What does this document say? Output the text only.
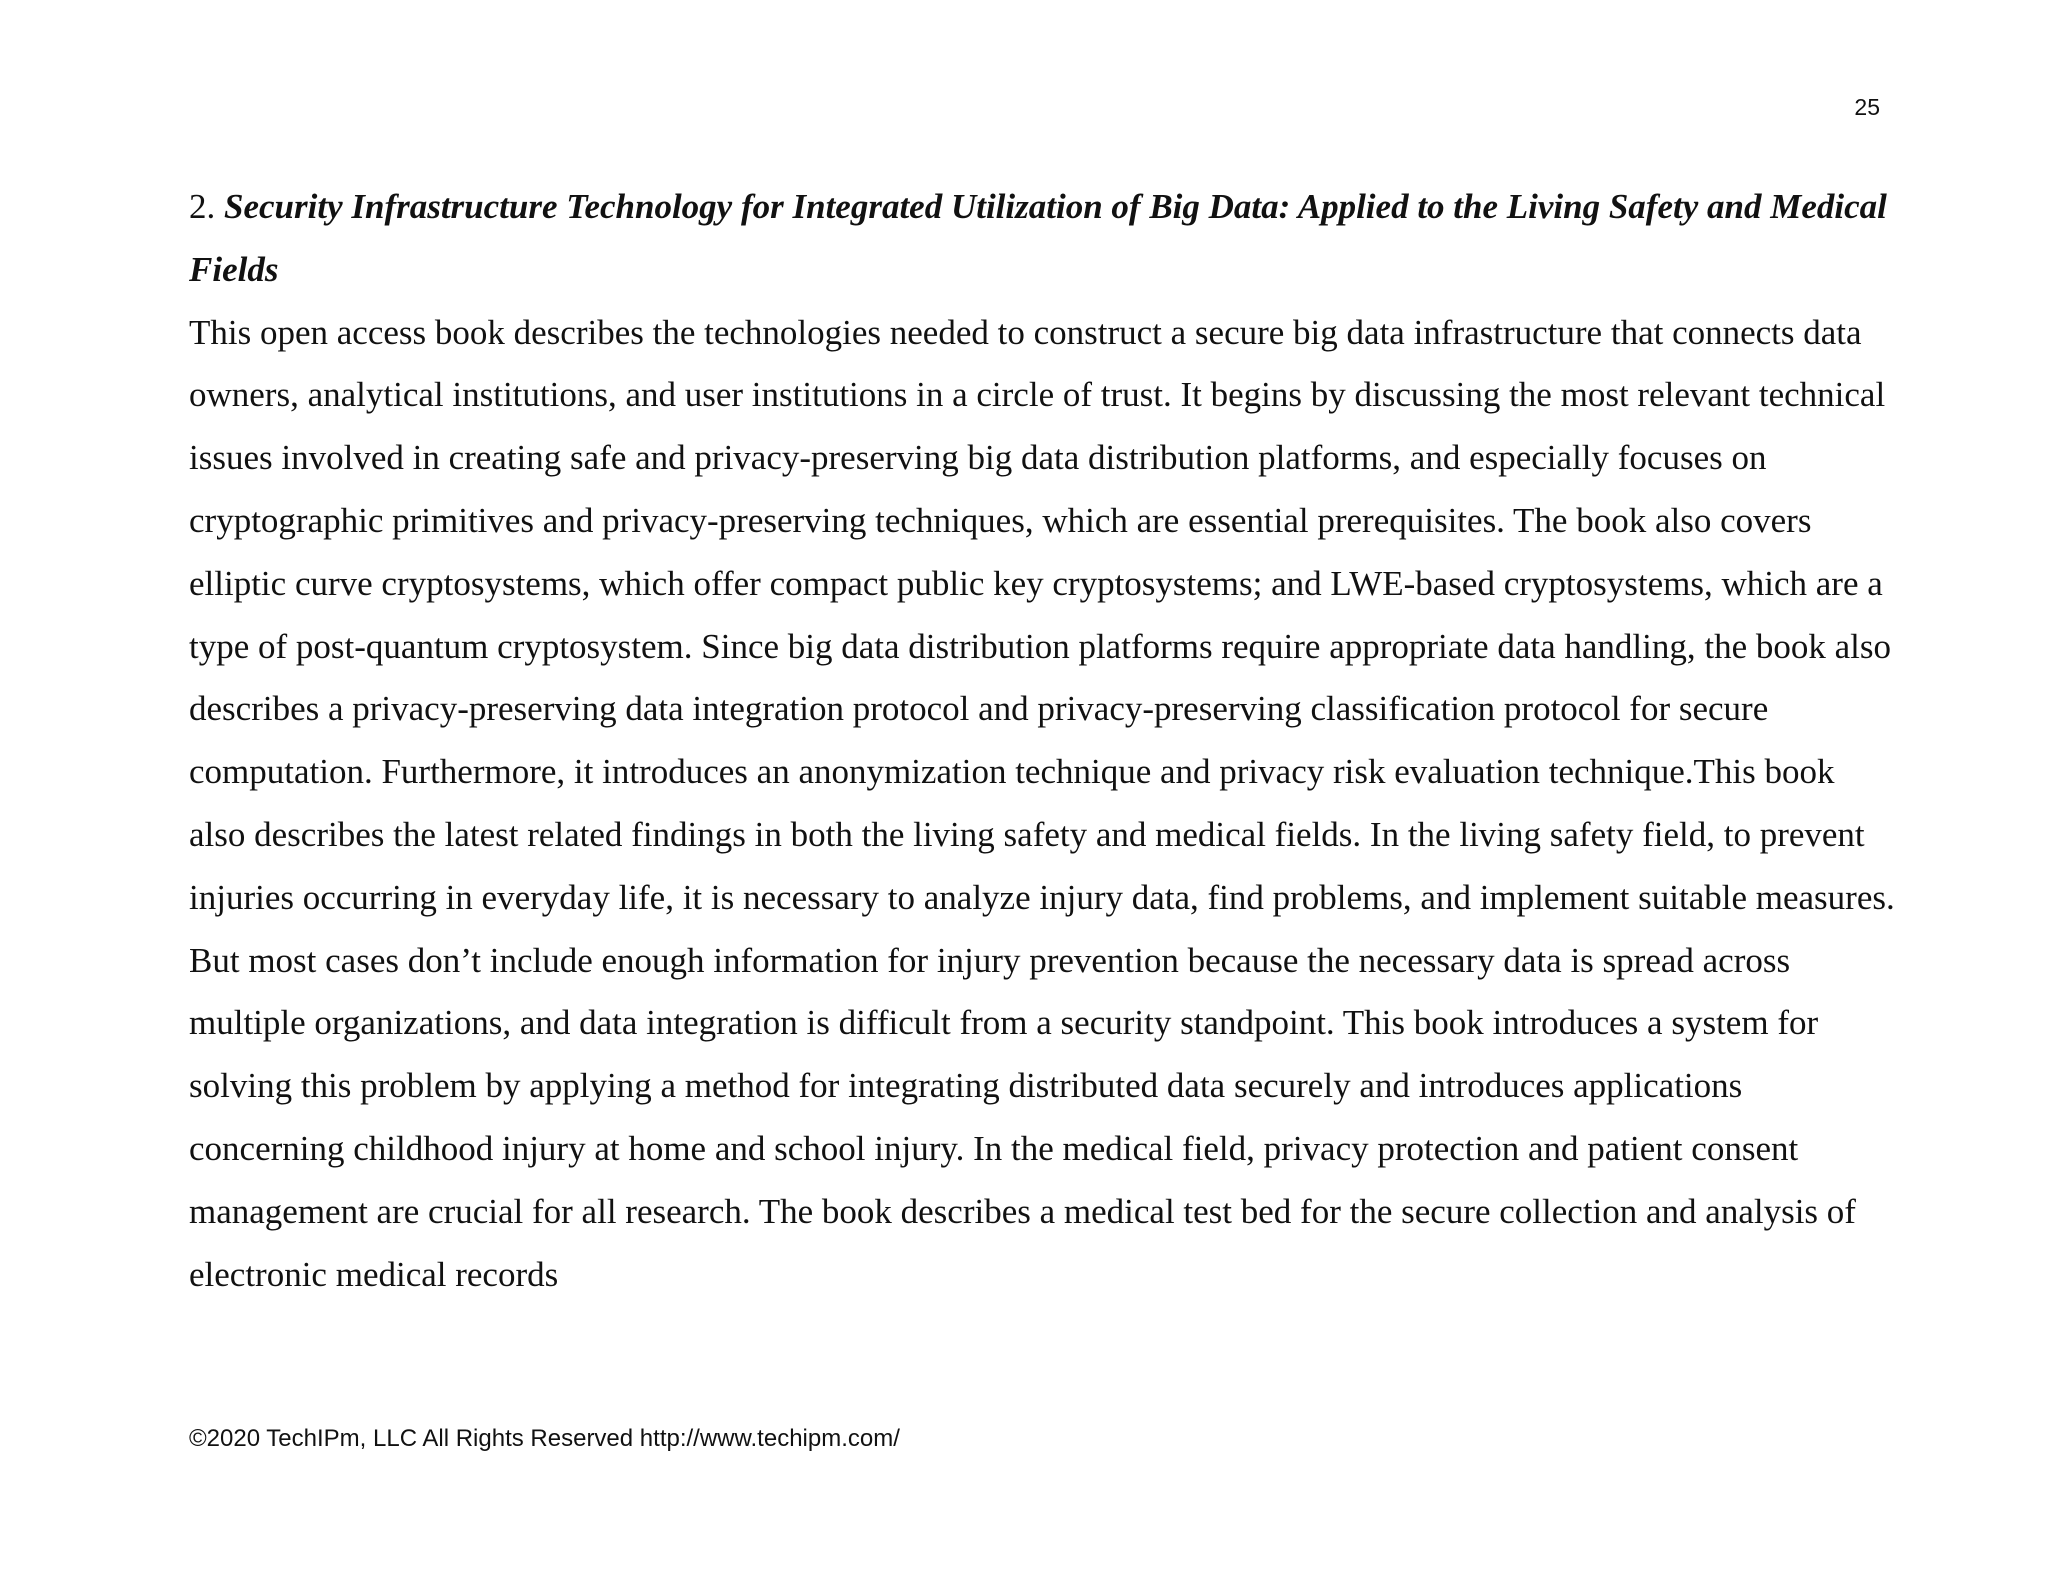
25

2. Security Infrastructure Technology for Integrated Utilization of Big Data: Applied to the Living Safety and Medical Fields

This open access book describes the technologies needed to construct a secure big data infrastructure that connects data owners, analytical institutions, and user institutions in a circle of trust. It begins by discussing the most relevant technical issues involved in creating safe and privacy-preserving big data distribution platforms, and especially focuses on cryptographic primitives and privacy-preserving techniques, which are essential prerequisites. The book also covers elliptic curve cryptosystems, which offer compact public key cryptosystems; and LWE-based cryptosystems, which are a type of post-quantum cryptosystem. Since big data distribution platforms require appropriate data handling, the book also describes a privacy-preserving data integration protocol and privacy-preserving classification protocol for secure computation. Furthermore, it introduces an anonymization technique and privacy risk evaluation technique.This book also describes the latest related findings in both the living safety and medical fields. In the living safety field, to prevent injuries occurring in everyday life, it is necessary to analyze injury data, find problems, and implement suitable measures. But most cases don’t include enough information for injury prevention because the necessary data is spread across multiple organizations, and data integration is difficult from a security standpoint. This book introduces a system for solving this problem by applying a method for integrating distributed data securely and introduces applications concerning childhood injury at home and school injury. In the medical field, privacy protection and patient consent management are crucial for all research. The book describes a medical test bed for the secure collection and analysis of electronic medical records

©2020 TechIPm, LLC All Rights Reserved http://www.techipm.com/
